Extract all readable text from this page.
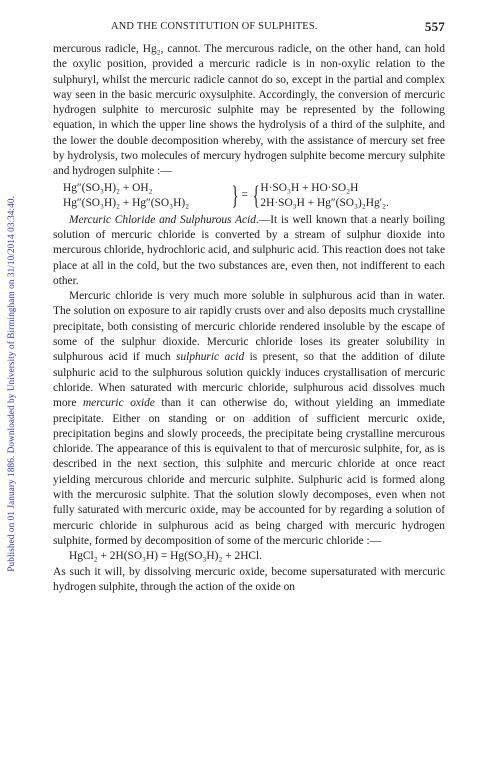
Published on 01 January 1886. Downloaded by University of Birmingham on 31/10/2014 03:34:40.
AND THE CONSTITUTION OF SULPHITES.	557

mercurous radicle, Hg₂, cannot. The mercurous radicle, on the other hand, can hold the oxylic position, provided a mercuric radicle is in non-oxylic relation to the sulphuryl, whilst the mercuric radicle cannot do so, except in the partial and complex way seen in the basic mercuric oxysulphite. Accordingly, the conversion of mercuric hydrogen sulphite to mercurosic sulphite may be represented by the following equation, in which the upper line shows the hydrolysis of a third of the sulphite, and the lower the double decomposition whereby, with the assistance of mercury set free by hydrolysis, two molecules of mercury hydrogen sulphite become mercury sulphite and hydrogen sulphite :—

Hg″(SO₃H)₂ + OH₂
Hg″(SO₃H)₂ + Hg″(SO₃H)₂	} = { H·SO₃H + HO·SO₂H
2H·SO₃H + Hg″(SO₃)₂Hg′₂.

Mercuric Chloride and Sulphurous Acid.—It is well known that a nearly boiling solution of mercuric chloride is converted by a stream of sulphur dioxide into mercurous chloride, hydrochloric acid, and sulphuric acid. This reaction does not take place at all in the cold, but the two substances are, even then, not indifferent to each other.

Mercuric chloride is very much more soluble in sulphurous acid than in water. The solution on exposure to air rapidly crusts over and also deposits much crystalline precipitate, both consisting of mercuric chloride rendered insoluble by the escape of some of the sulphur dioxide. Mercuric chloride loses its greater solubility in sulphurous acid if much sulphuric acid is present, so that the addition of dilute sulphuric acid to the sulphurous solution quickly induces crystallisation of mercuric chloride. When saturated with mercuric chloride, sulphurous acid dissolves much more mercuric oxide than it can otherwise do, without yielding an immediate precipitate. Either on standing or on addition of sufficient mercuric oxide, precipitation begins and slowly proceeds, the precipitate being crystalline mercurous chloride. The appearance of this is equivalent to that of mercurosic sulphite, for, as is described in the next section, this sulphite and mercuric chloride at once react yielding mercurous chloride and mercuric sulphite. Sulphuric acid is formed along with the mercurosic sulphite. That the solution slowly decomposes, even when not fully saturated with mercuric oxide, may be accounted for by regarding a solution of mercuric chloride in sulphurous acid as being charged with mercuric hydrogen sulphite, formed by decomposition of some of the mercuric chloride :—

HgCl₂ + 2H(SO₃H) = Hg(SO₃H)₂ + 2HCl.

As such it will, by dissolving mercuric oxide, become supersaturated with mercuric hydrogen sulphite, through the action of the oxide on
